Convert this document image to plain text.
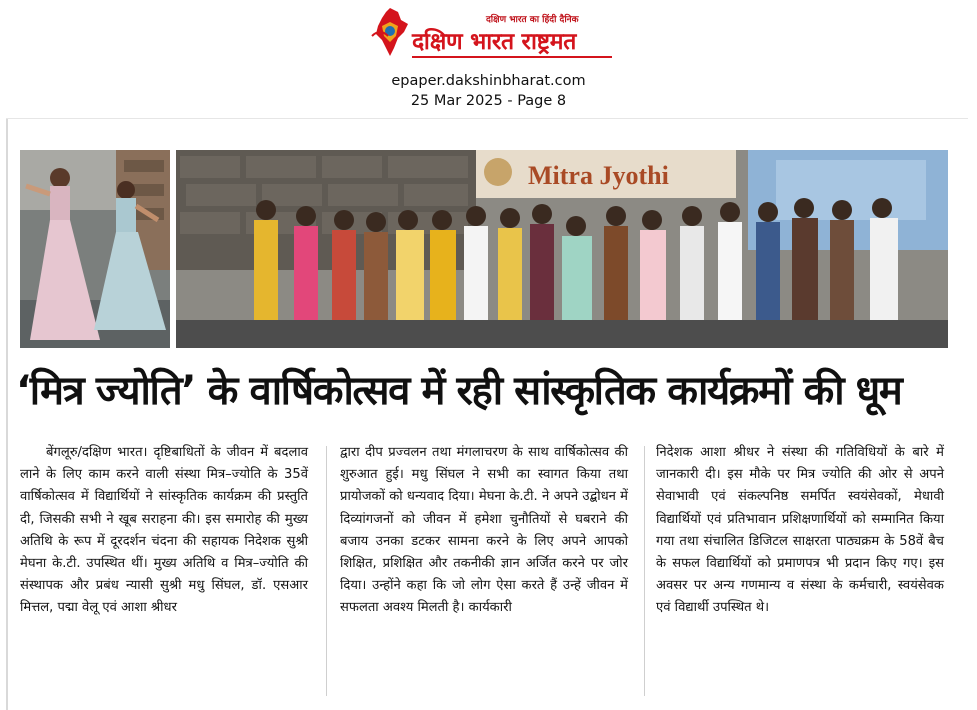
दक्षिण भारत का हिंदी दैनिक
दक्षिण भारत राष्ट्रमत
epaper.dakshinbharat.com
25 Mar 2025 - Page 8
Mitra Jyothi
‘मित्र ज्योति’ के वार्षिकोत्सव में रही सांस्कृतिक कार्यक्रमों की धूम
बेंगलूरु/दक्षिण भारत। दृष्टिबाधितों के जीवन में बदलाव लाने के लिए काम करने वाली संस्था मित्र–ज्योति के 35वें वार्षिकोत्सव में विद्यार्थियों ने सांस्कृतिक कार्यक्रम की प्रस्तुति दी, जिसकी सभी ने खूब सराहना की। इस समारोह की मुख्य अतिथि के रूप में दूरदर्शन चंदना की सहायक निदेशक सुश्री मेघना के.टी. उपस्थित थीं। मुख्य अतिथि व मित्र–ज्योति की संस्थापक और प्रबंध न्यासी सुश्री मधु सिंघल, डॉ. एसआर मित्तल, पद्मा वेलू एवं आशा श्रीधर
द्वारा दीप प्रज्वलन तथा मंगलाचरण के साथ वार्षिकोत्सव की शुरुआत हुई। मधु सिंघल ने सभी का स्वागत किया तथा प्रायोजकों को धन्यवाद दिया। मेघना के.टी. ने अपने उद्बोधन में दिव्यांगजनों को जीवन में हमेशा चुनौतियों से घबराने की बजाय उनका डटकर सामना करने के लिए अपने आपको शिक्षित, प्रशिक्षित और तकनीकी ज्ञान अर्जित करने पर जोर दिया। उन्होंने कहा कि जो लोग ऐसा करते हैं उन्हें जीवन में सफलता अवश्य मिलती है। कार्यकारी
निदेशक आशा श्रीधर ने संस्था की गतिविधियों के बारे में जानकारी दी। इस मौके पर मित्र ज्योति की ओर से अपने सेवाभावी एवं संकल्पनिष्ठ समर्पित स्वयंसेवकों, मेधावी विद्यार्थियों एवं प्रतिभावान प्रशिक्षणार्थियों को सम्मानित किया गया तथा संचालित डिजिटल साक्षरता पाठ्यक्रम के 58वें बैच के सफल विद्यार्थियों को प्रमाणपत्र भी प्रदान किए गए। इस अवसर पर अन्य गणमान्य व संस्था के कर्मचारी, स्वयंसेवक एवं विद्यार्थी उपस्थित थे।
